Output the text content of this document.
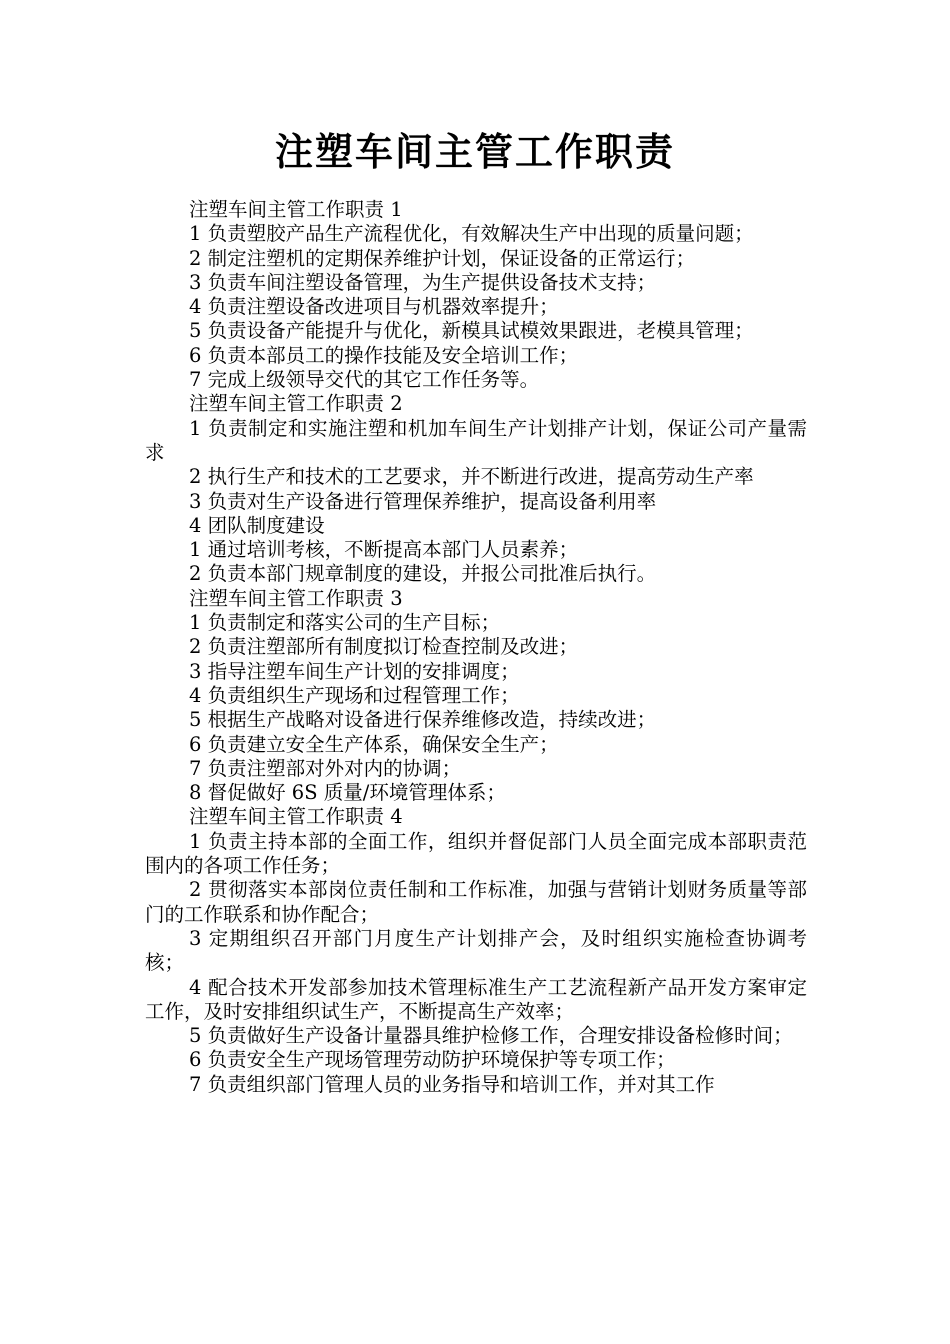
注塑车间主管工作职责

注塑车间主管工作职责 1

1 负责塑胶产品生产流程优化，有效解决生产中出现的质量问题；

2 制定注塑机的定期保养维护计划，保证设备的正常运行；

3 负责车间注塑设备管理，为生产提供设备技术支持；

4 负责注塑设备改进项目与机器效率提升；

5 负责设备产能提升与优化，新模具试模效果跟进，老模具管理；

6 负责本部员工的操作技能及安全培训工作；

7 完成上级领导交代的其它工作任务等。

注塑车间主管工作职责 2

1 负责制定和实施注塑和机加车间生产计划排产计划，保证公司产量需求

2 执行生产和技术的工艺要求，并不断进行改进，提高劳动生产率

3 负责对生产设备进行管理保养维护，提高设备利用率

4 团队制度建设

1 通过培训考核，不断提高本部门人员素养；

2 负责本部门规章制度的建设，并报公司批准后执行。

注塑车间主管工作职责 3

1 负责制定和落实公司的生产目标；

2 负责注塑部所有制度拟订检查控制及改进；

3 指导注塑车间生产计划的安排调度；

4 负责组织生产现场和过程管理工作；

5 根据生产战略对设备进行保养维修改造，持续改进；

6 负责建立安全生产体系，确保安全生产；

7 负责注塑部对外对内的协调；

8 督促做好 6S 质量/环境管理体系；

注塑车间主管工作职责 4

1 负责主持本部的全面工作，组织并督促部门人员全面完成本部职责范围内的各项工作任务；

2 贯彻落实本部岗位责任制和工作标准，加强与营销计划财务质量等部门的工作联系和协作配合；

3 定期组织召开部门月度生产计划排产会，及时组织实施检查协调考核；

4 配合技术开发部参加技术管理标准生产工艺流程新产品开发方案审定工作，及时安排组织试生产，不断提高生产效率；

5 负责做好生产设备计量器具维护检修工作，合理安排设备检修时间；

6 负责安全生产现场管理劳动防护环境保护等专项工作；

7 负责组织部门管理人员的业务指导和培训工作，并对其工作
